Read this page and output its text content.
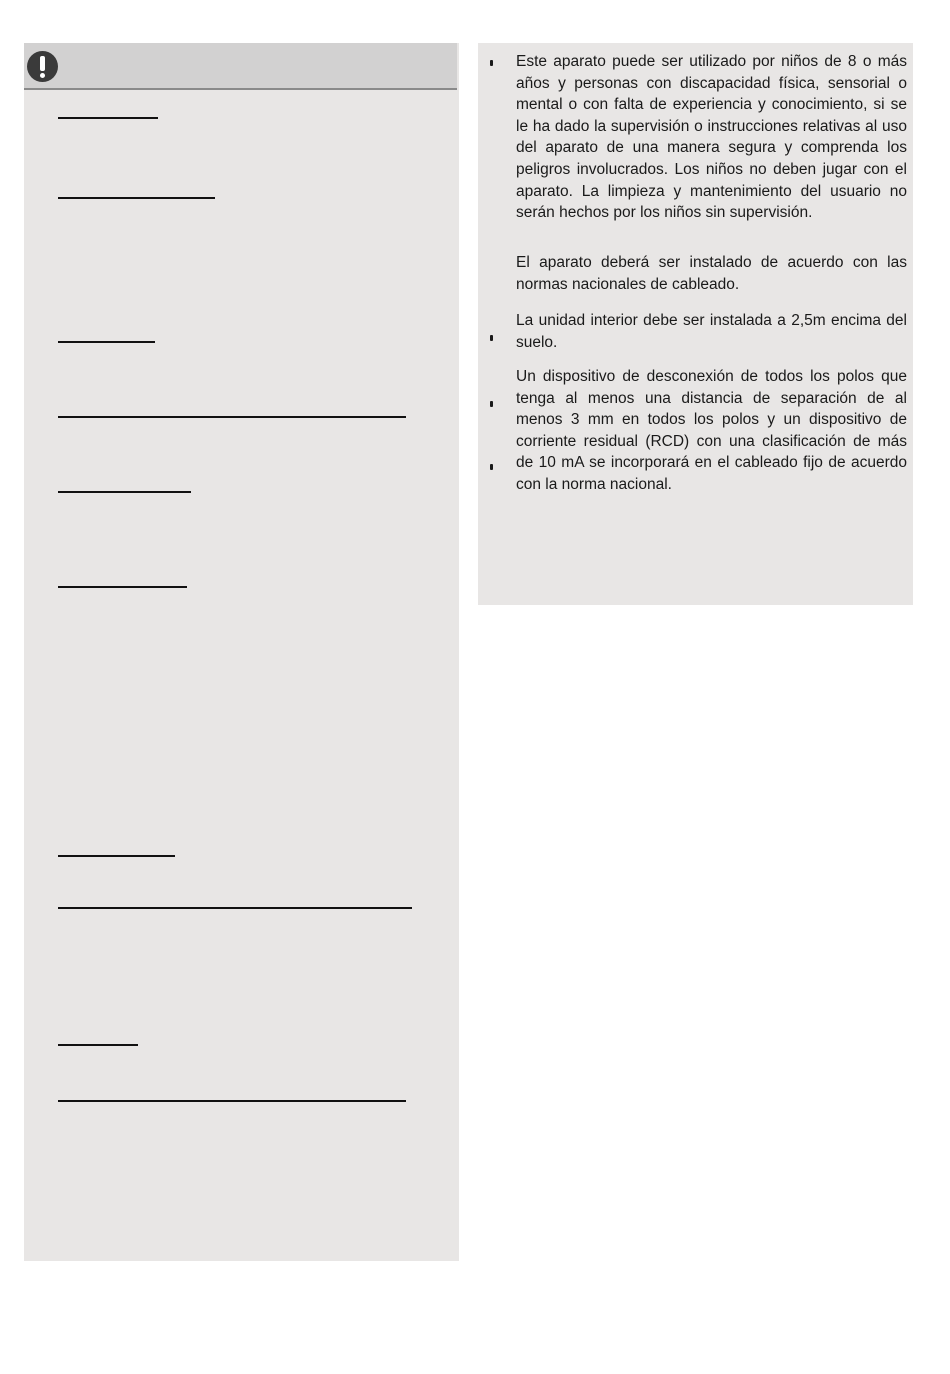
Este aparato puede ser utilizado por niños de 8 o más años y personas con discapacidad física, sensorial o mental o con falta de experiencia y conocimiento, si se le ha dado la supervisión o instrucciones relativas al uso del aparato de una manera segura y comprenda los peligros involucrados. Los niños no deben jugar con el aparato. La limpieza y mantenimiento del usuario no serán hechos por los niños sin supervisión.

El aparato deberá ser instalado de acuerdo con las normas nacionales de cableado.

La unidad interior debe ser instalada a 2,5m encima del suelo.

Un dispositivo de desconexión de todos los polos que tenga al menos una distancia de separación de al menos 3 mm en todos los polos y un dispositivo de corriente residual (RCD) con una clasificación de más de 10 mA se incorporará en el cableado fijo de acuerdo con la norma nacional.
